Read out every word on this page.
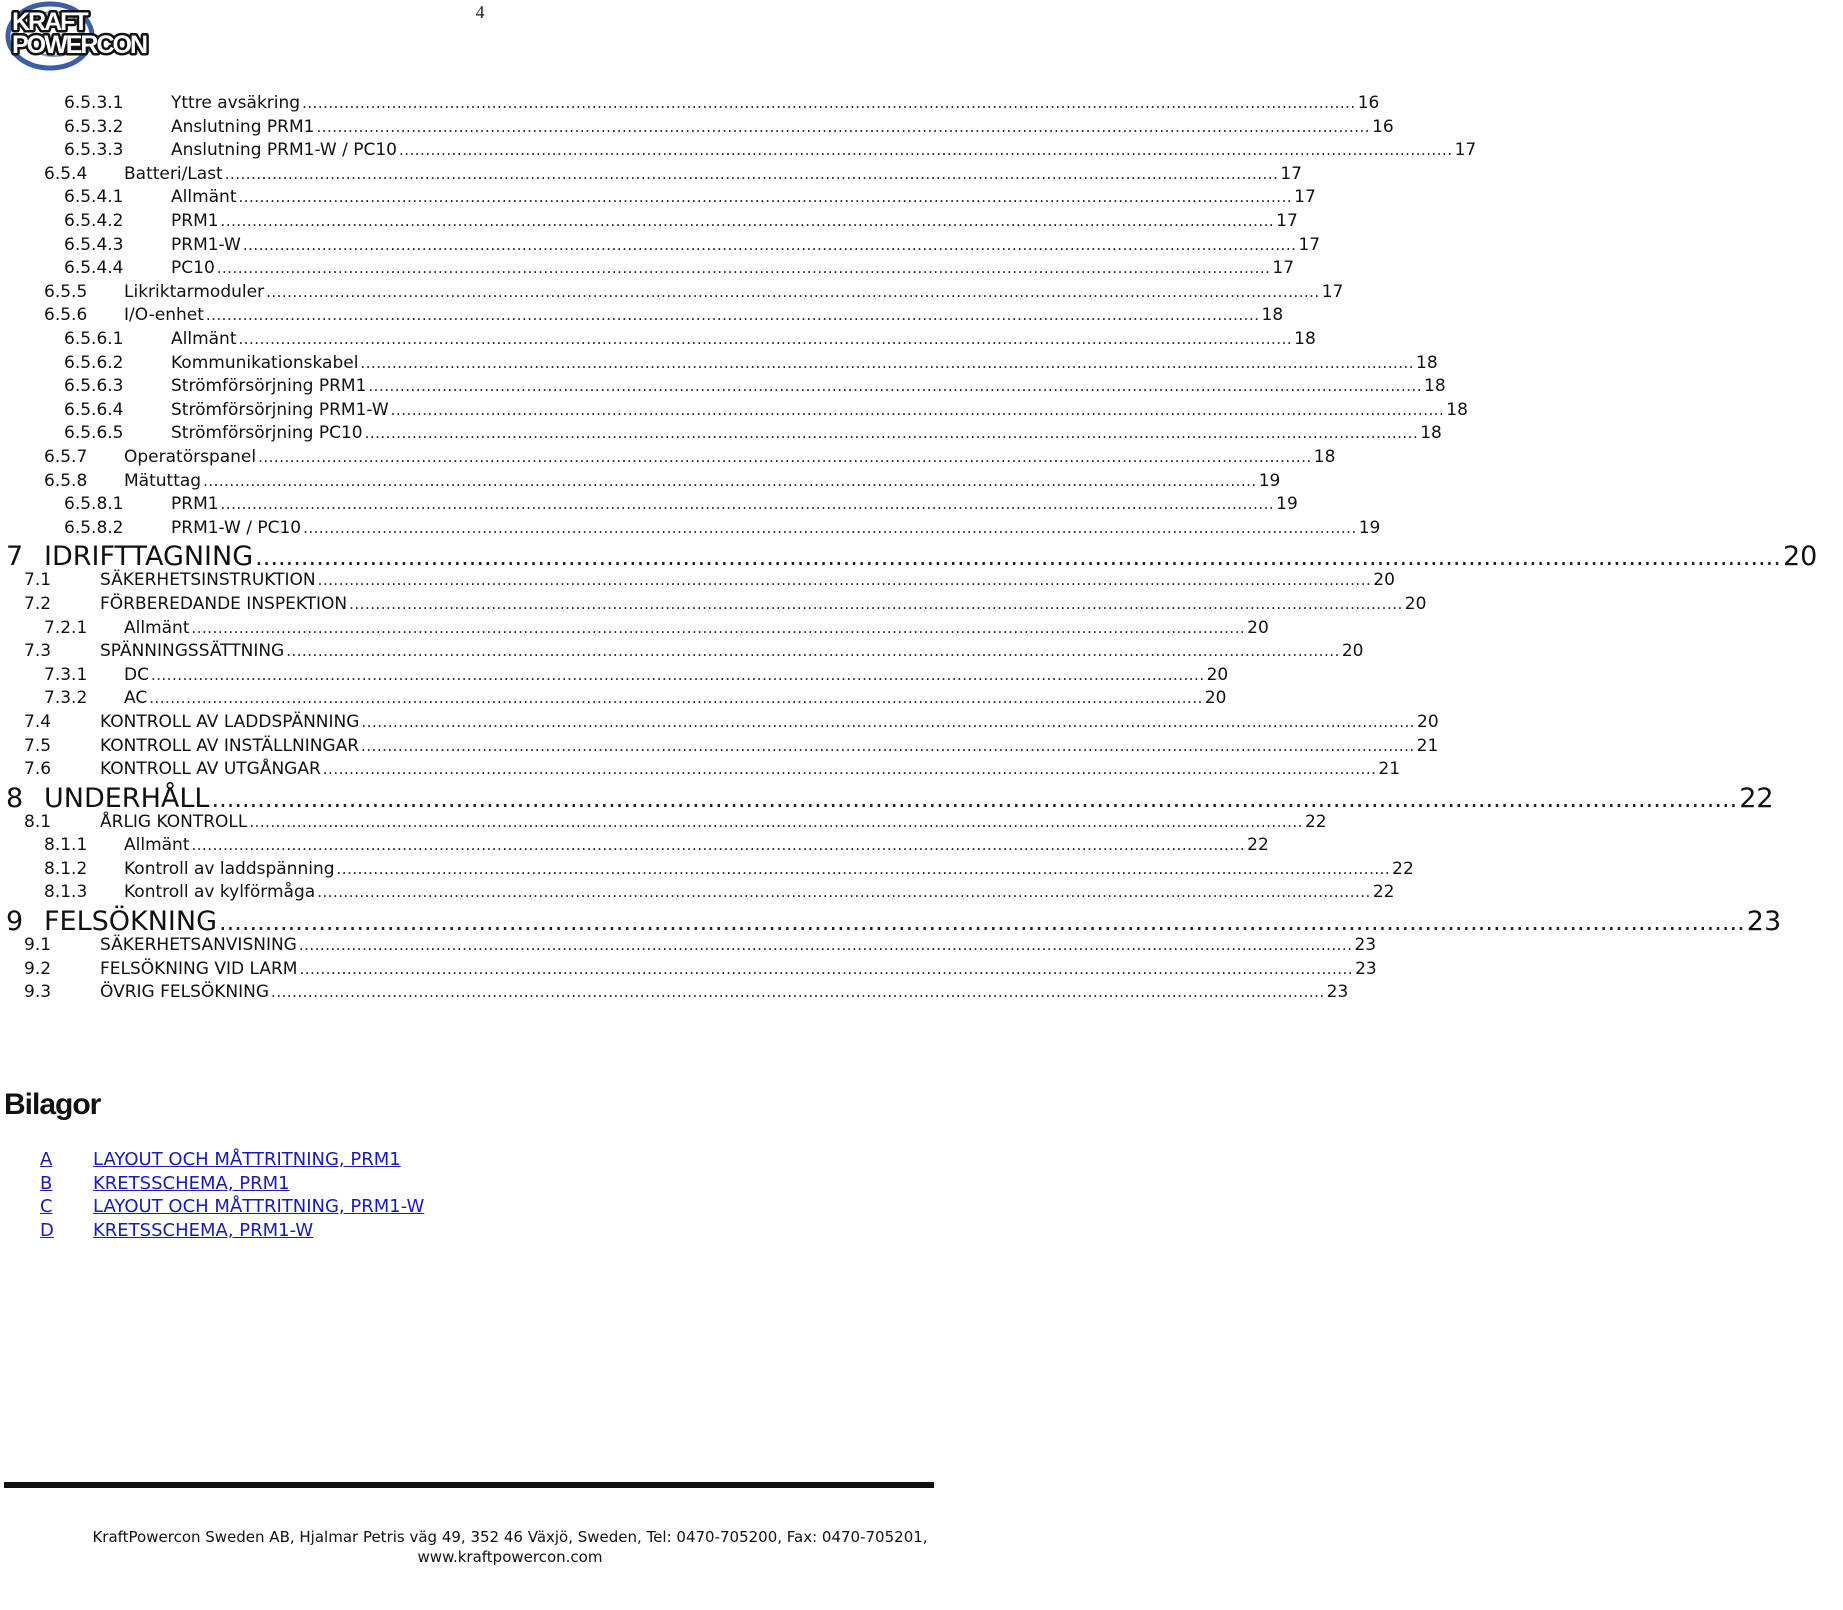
KRAFT
POWERCON
4
6.5.3.1	Yttre avsäkring ........................................................................................................................................................................................................ 16
6.5.3.2	Anslutning PRM1 ........................................................................................................................................................................................................ 16
6.5.3.3	Anslutning PRM1-W / PC10 ........................................................................................................................................................................................................ 17
6.5.4	Batteri/Last ........................................................................................................................................................................................................ 17
6.5.4.1	Allmänt ........................................................................................................................................................................................................ 17
6.5.4.2	PRM1 ........................................................................................................................................................................................................ 17
6.5.4.3	PRM1-W ........................................................................................................................................................................................................ 17
6.5.4.4	PC10 ........................................................................................................................................................................................................ 17
6.5.5	Likriktarmoduler ........................................................................................................................................................................................................ 17
6.5.6	I/O-enhet ........................................................................................................................................................................................................ 18
6.5.6.1	Allmänt ........................................................................................................................................................................................................ 18
6.5.6.2	Kommunikationskabel ........................................................................................................................................................................................................ 18
6.5.6.3	Strömförsörjning PRM1 ........................................................................................................................................................................................................ 18
6.5.6.4	Strömförsörjning PRM1-W ........................................................................................................................................................................................................ 18
6.5.6.5	Strömförsörjning PC10 ........................................................................................................................................................................................................ 18
6.5.7	Operatörspanel ........................................................................................................................................................................................................ 18
6.5.8	Mätuttag ........................................................................................................................................................................................................ 19
6.5.8.1	PRM1 ........................................................................................................................................................................................................ 19
6.5.8.2	PRM1-W / PC10 ........................................................................................................................................................................................................ 19
7 IDRIFTTAGNING ........................................................................................................................................................................................................ 20
7.1	SÄKERHETSINSTRUKTION ........................................................................................................................................................................................................ 20
7.2	FÖRBEREDANDE INSPEKTION ........................................................................................................................................................................................................ 20
7.2.1	Allmänt ........................................................................................................................................................................................................ 20
7.3	SPÄNNINGSSÄTTNING ........................................................................................................................................................................................................ 20
7.3.1	DC ........................................................................................................................................................................................................ 20
7.3.2	AC ........................................................................................................................................................................................................ 20
7.4	KONTROLL AV LADDSPÄNNING ........................................................................................................................................................................................................ 20
7.5	KONTROLL AV INSTÄLLNINGAR ........................................................................................................................................................................................................ 21
7.6	KONTROLL AV UTGÅNGAR ........................................................................................................................................................................................................ 21
8 UNDERHÅLL ........................................................................................................................................................................................................ 22
8.1	ÅRLIG KONTROLL ........................................................................................................................................................................................................ 22
8.1.1	Allmänt ........................................................................................................................................................................................................ 22
8.1.2	Kontroll av laddspänning ........................................................................................................................................................................................................ 22
8.1.3	Kontroll av kylförmåga ........................................................................................................................................................................................................ 22
9 FELSÖKNING ........................................................................................................................................................................................................ 23
9.1	SÄKERHETSANVISNING ........................................................................................................................................................................................................ 23
9.2	FELSÖKNING VID LARM ........................................................................................................................................................................................................ 23
9.3	ÖVRIG FELSÖKNING ........................................................................................................................................................................................................ 23
Bilagor
A	LAYOUT OCH MÅTTRITNING, PRM1
B	KRETSSCHEMA, PRM1
C	LAYOUT OCH MÅTTRITNING, PRM1-W
D	KRETSSCHEMA, PRM1-W
KraftPowercon Sweden AB, Hjalmar Petris väg 49, 352 46 Växjö, Sweden, Tel: 0470-705200, Fax: 0470-705201,
www.kraftpowercon.com
